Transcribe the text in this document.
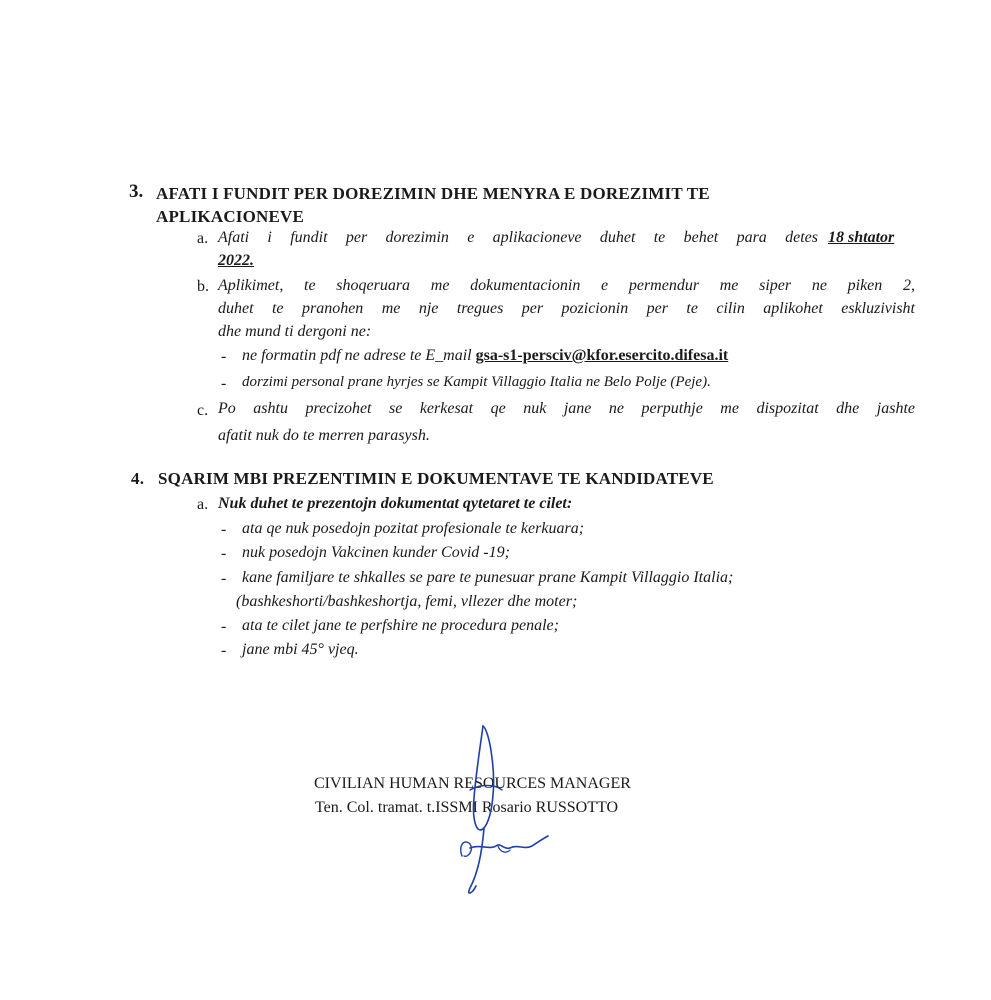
3. AFATI I FUNDIT PER DOREZIMIN DHE MENYRA E DOREZIMIT TE
APLIKACIONEVE
a. Afati i fundit per dorezimin e aplikacioneve duhet te behet para detes 18 shtator
2022.
b. Aplikimet, te shoqeruara me dokumentacionin e permendur me siper ne piken 2,
duhet te pranohen me nje tregues per pozicionin per te cilin aplikohet eskluzivisht
dhe mund ti dergoni ne:
- ne formatin pdf ne adrese te E_mail gsa-s1-persciv@kfor.esercito.difesa.it
- dorzimi personal prane hyrjes se Kampit Villaggio Italia ne Belo Polje (Peje).
c. Po ashtu precizohet se kerkesat qe nuk jane ne perputhje me dispozitat dhe jashte
afatit nuk do te merren parasysh.
4. SQARIM MBI PREZENTIMIN E DOKUMENTAVE TE KANDIDATEVE
a. Nuk duhet te prezentojn dokumentat qytetaret te cilet:
- ata qe nuk posedojn pozitat profesionale te kerkuara;
- nuk posedojn Vakcinen kunder Covid -19;
- kane familjare te shkalles se pare te punesuar prane Kampit Villaggio Italia;
(bashkeshorti/bashkeshortja, femi, vllezer dhe moter;
- ata te cilet jane te perfshire ne procedura penale;
- jane mbi 45° vjeq.
CIVILIAN HUMAN RESOURCES MANAGER
Ten. Col. tramat. t.ISSMI Rosario RUSSOTTO
